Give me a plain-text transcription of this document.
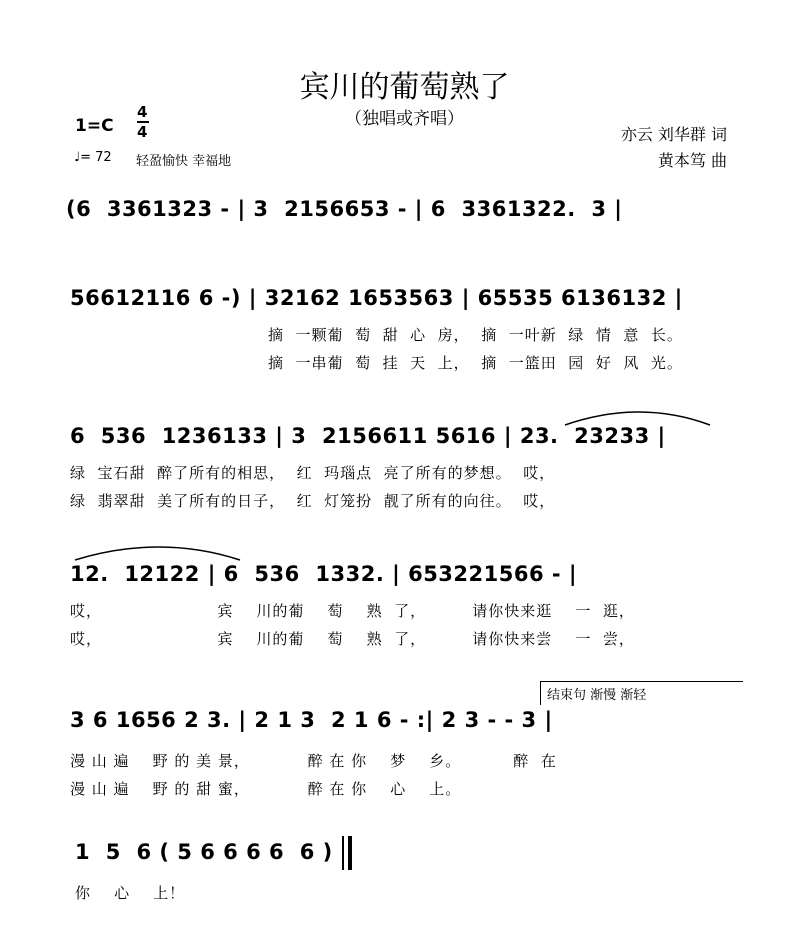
宾川的葡萄熟了
（独唱或齐唱）
亦云 刘华群 词
黄本笃 曲
1=C
4
4
♩= 72 轻盈愉快 幸福地
(6  3361323 - | 3  2156653 - | 6  3361322.  3 |
56612116 6 -) | 32162 1653563 | 65535 6136132 |
摘  一颗葡  萄  甜  心  房，  摘  一叶新  绿  情  意  长。
摘  一串葡  萄  挂  天  上，  摘  一篮田  园  好  风  光。
6  536  1236133 | 3  2156611 5616 | 23.  23233 |
绿  宝石甜  醉了所有的相思，  红  玛瑙点  亮了所有的梦想。  哎，
绿  翡翠甜  美了所有的日子，  红  灯笼扮  靓了所有的向往。  哎，
12.  12122 | 6  536  1332. | 653221566 - |
哎，                    宾    川的葡    萄    熟  了，        请你快来逛    一  逛，
哎，                    宾    川的葡    萄    熟  了，        请你快来尝    一  尝，
结束句 渐慢 渐轻
3 6 1656 2 3. | 2 1 3  2 1 6 - :| 2 3 - - 3 |
漫 山 遍    野 的 美 景，          醉 在 你    梦    乡。         醉  在
漫 山 遍    野 的 甜 蜜，          醉 在 你    心    上。
1  5  6 ( 5 6 6 6 6  6 )
你    心    上！
